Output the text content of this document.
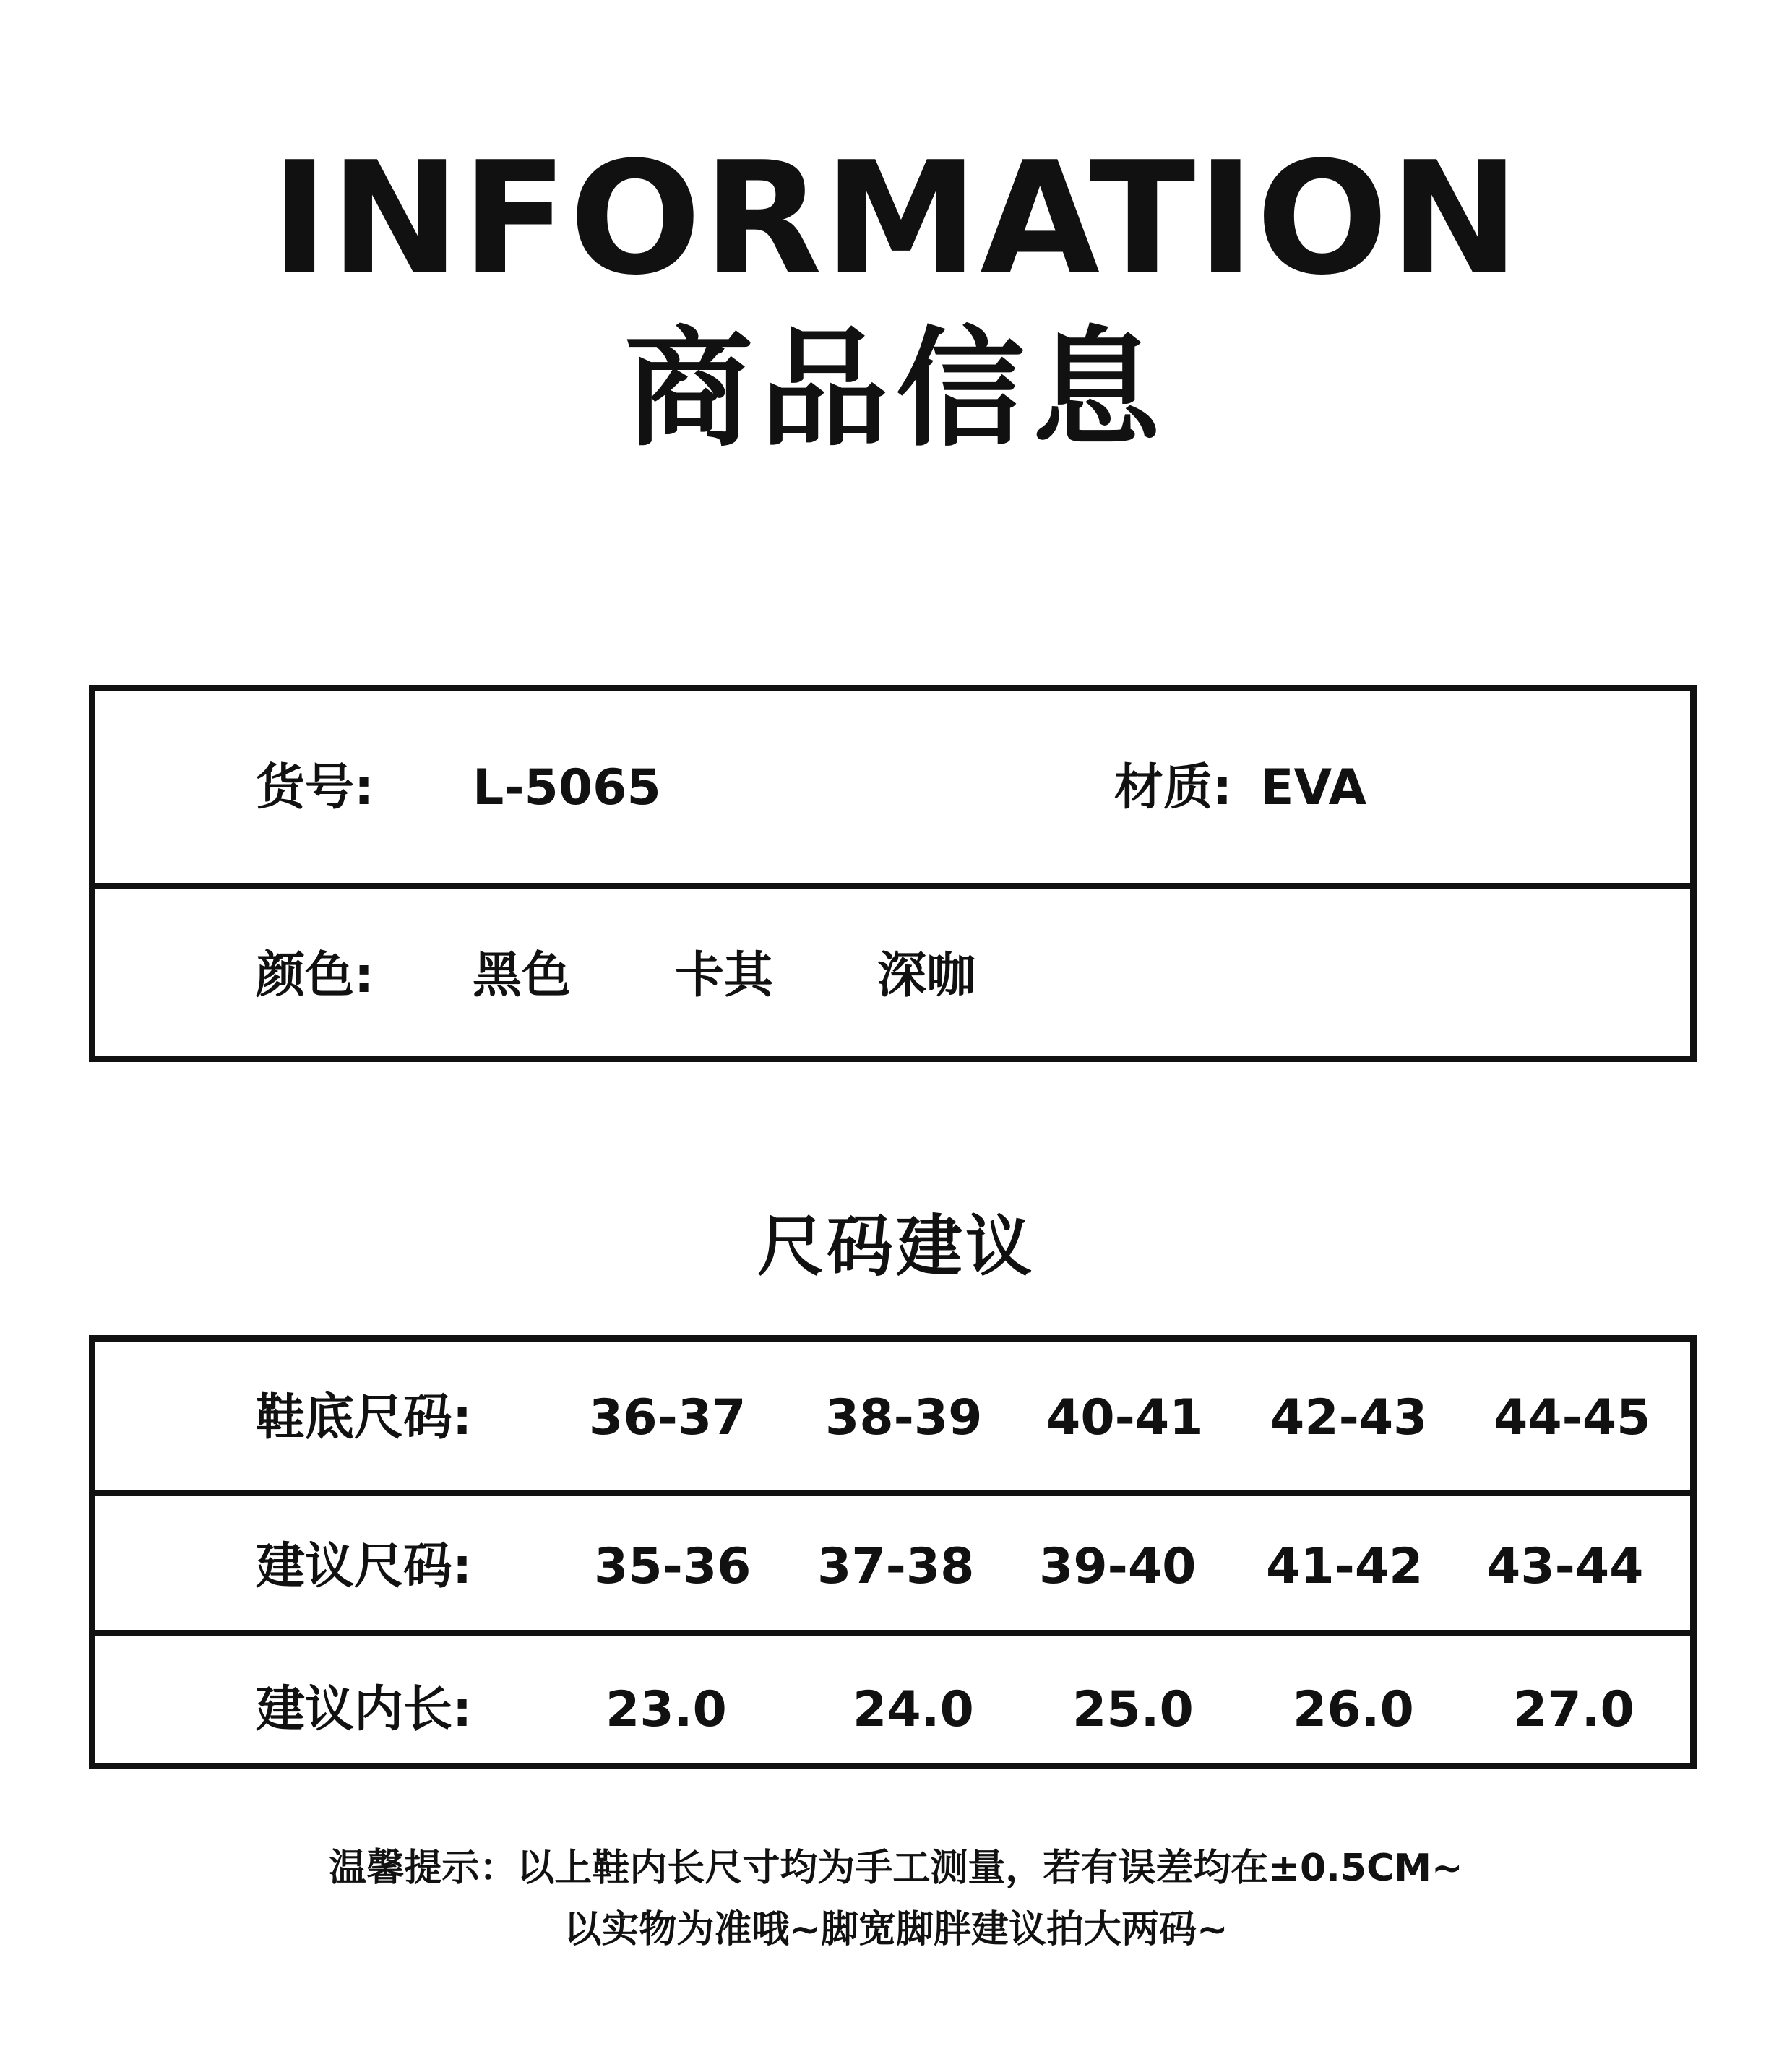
INFORMATION
商品信息
货号: L-5065	材质: EVA
颜色: 黑色 卡其 深咖
尺码建议
鞋底尺码: 36-37 38-39 40-41 42-43 44-45
建议尺码: 35-36 37-38 39-40 41-42 43-44
建议内长:	23.0	24.0 25.0 26.0 27.0
温馨提示：以上鞋内长尺寸均为手工测量，若有误差均在±0.5CM~
以实物为准哦~脚宽脚胖建议拍大两码~
